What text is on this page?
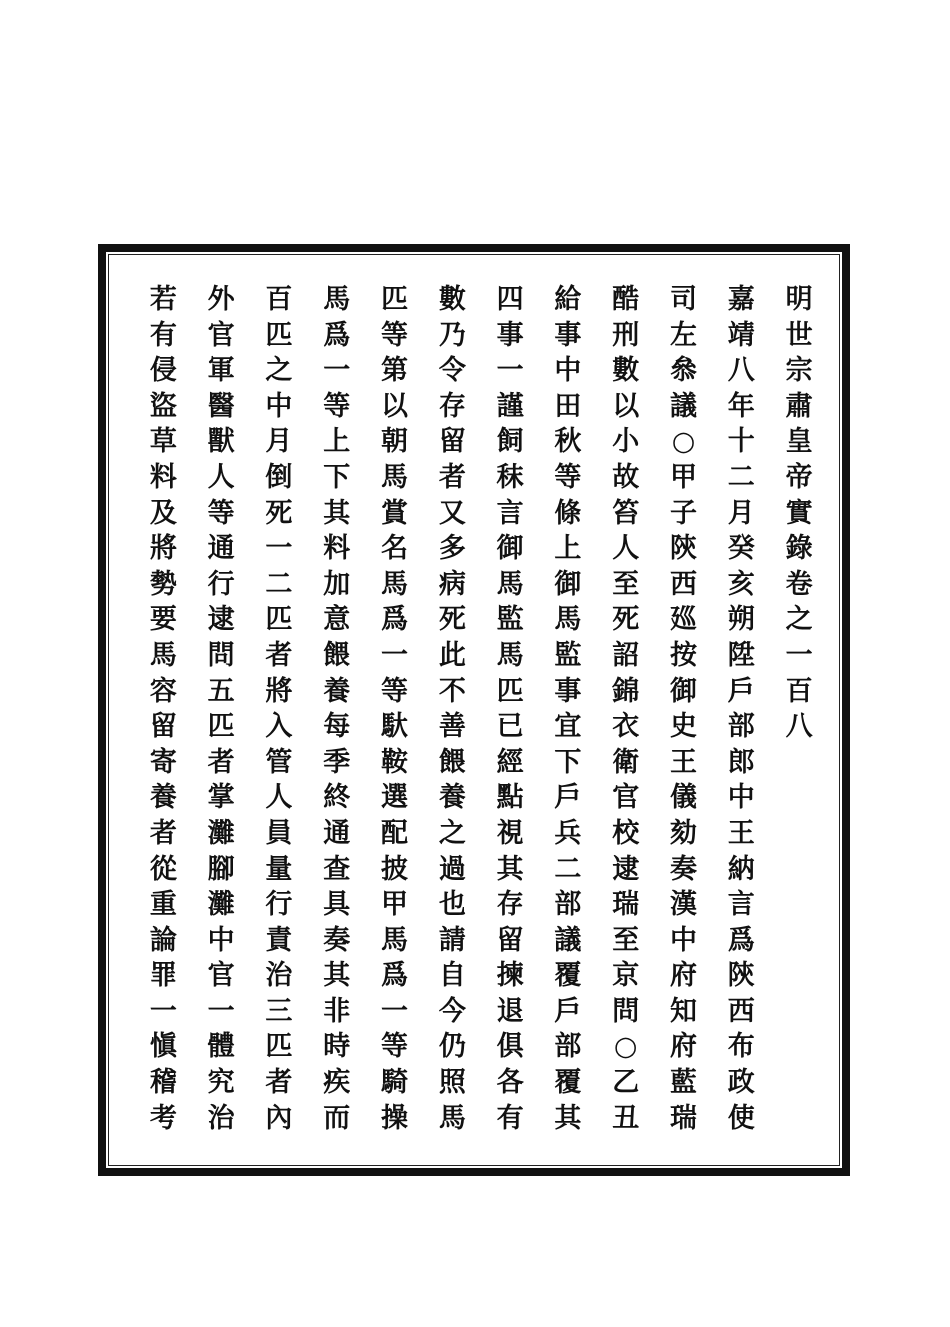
明
世
宗
肅
皇
帝
實
錄
卷
之
一
百
八
嘉
靖
八
年
十
二
月
癸
亥
朔
陞
戶
部
郎
中
王
納
言
爲
陝
西
布
政
使
司
左
叅
議
○
甲
子
陝
西
廵
按
御
史
王
儀
劾
奏
漢
中
府
知
府
藍
瑞
酷
刑
數
以
小
故
笞
人
至
死
詔
錦
衣
衛
官
校
逮
瑞
至
京
問
○
乙
丑
給
事
中
田
秋
等
條
上
御
馬
監
事
宜
下
戶
兵
二
部
議
覆
戶
部
覆
其
四
事
一
謹
飼
秣
言
御
馬
監
馬
匹
已
經
點
視
其
存
留
揀
退
俱
各
有
數
乃
令
存
留
者
又
多
病
死
此
不
善
餵
養
之
過
也
請
自
今
仍
照
馬
匹
等
第
以
朝
馬
賞
名
馬
爲
一
等
馱
鞍
選
配
披
甲
馬
爲
一
等
騎
操
馬
爲
一
等
上
下
其
料
加
意
餵
養
每
季
終
通
查
具
奏
其
非
時
疾
而
百
匹
之
中
月
倒
死
一
二
匹
者
將
入
管
人
員
量
行
責
治
三
匹
者
內
外
官
軍
醫
獸
人
等
通
行
逮
問
五
匹
者
掌
灘
腳
灘
中
官
一
體
究
治
若
有
侵
盜
草
料
及
將
勢
要
馬
容
留
寄
養
者
從
重
論
罪
一
愼
稽
考
